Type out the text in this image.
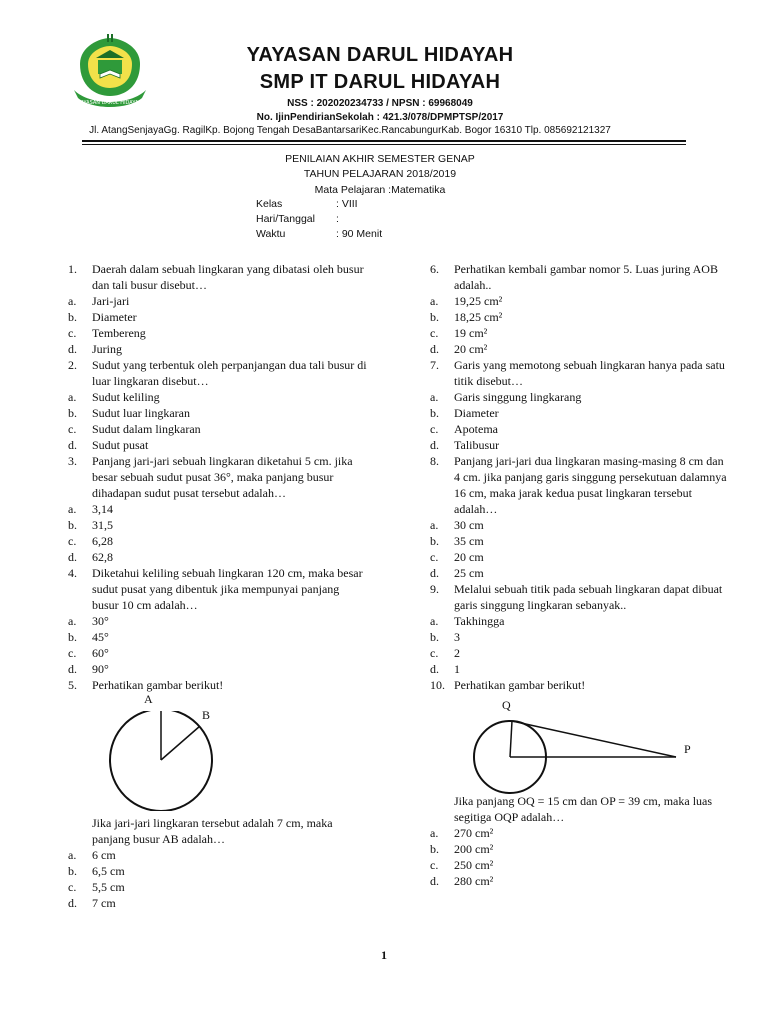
YAYASAN DARUL HIDAYAH
YAYASAN DARUL HIDAYAH
SMP IT DARUL HIDAYAH
NSS : 202020234733 / NPSN : 69968049
No. IjinPendirianSekolah : 421.3/078/DPMPTSP/2017
Jl. AtangSenjayaGg. RagilKp. Bojong Tengah DesaBantarsariKec.RancabungurKab. Bogor 16310 Tlp. 085692121327
PENILAIAN AKHIR SEMESTER GENAP
TAHUN PELAJARAN 2018/2019
Mata Pelajaran :Matematika
Kelas	: VIII
Hari/Tanggal :
Waktu	: 90 Menit
1. Daerah dalam sebuah lingkaran yang dibatasi oleh busur dan tali busur disebut…
a. Jari-jari
b. Diameter
c. Tembereng
d. Juring
2. Sudut yang terbentuk oleh perpanjangan dua tali busur di luar lingkaran disebut…
a. Sudut keliling
b. Sudut luar lingkaran
c. Sudut dalam lingkaran
d. Sudut pusat
3. Panjang jari-jari sebuah lingkaran diketahui 5 cm. jika besar sebuah sudut pusat 36°, maka panjang busur dihadapan sudut pusat tersebut adalah…
a. 3,14
b. 31,5
c. 6,28
d. 62,8
4. Diketahui keliling sebuah lingkaran 120 cm, maka besar sudut pusat yang dibentuk jika mempunyai panjang busur 10 cm adalah…
a. 30°
b. 45°
c. 60°
d. 90°
5. Perhatikan gambar berikut!
A
B
Jika jari-jari lingkaran tersebut adalah 7 cm, maka panjang busur AB adalah…
a. 6 cm
b. 6,5 cm
c. 5,5 cm
d. 7 cm
6. Perhatikan kembali gambar nomor 5. Luas juring AOB adalah..
a. 19,25 cm²
b. 18,25 cm²
c. 19 cm²
d. 20 cm²
7. Garis yang memotong sebuah lingkaran hanya pada satu titik disebut…
a. Garis singgung lingkarang
b. Diameter
c. Apotema
d. Talibusur
8. Panjang jari-jari dua lingkaran masing-masing 8 cm dan 4 cm. jika panjang garis singgung persekutuan dalamnya 16 cm, maka jarak kedua pusat lingkaran tersebut adalah…
a. 30 cm
b. 35 cm
c. 20 cm
d. 25 cm
9. Melalui sebuah titik pada sebuah lingkaran dapat dibuat garis singgung lingkaran sebanyak..
a. Takhingga
b. 3
c. 2
d. 1
10. Perhatikan gambar berikut!
Q
P
Jika panjang OQ = 15 cm dan OP = 39 cm, maka luas segitiga OQP adalah…
a. 270 cm²
b. 200 cm²
c. 250 cm²
d. 280 cm²
1
